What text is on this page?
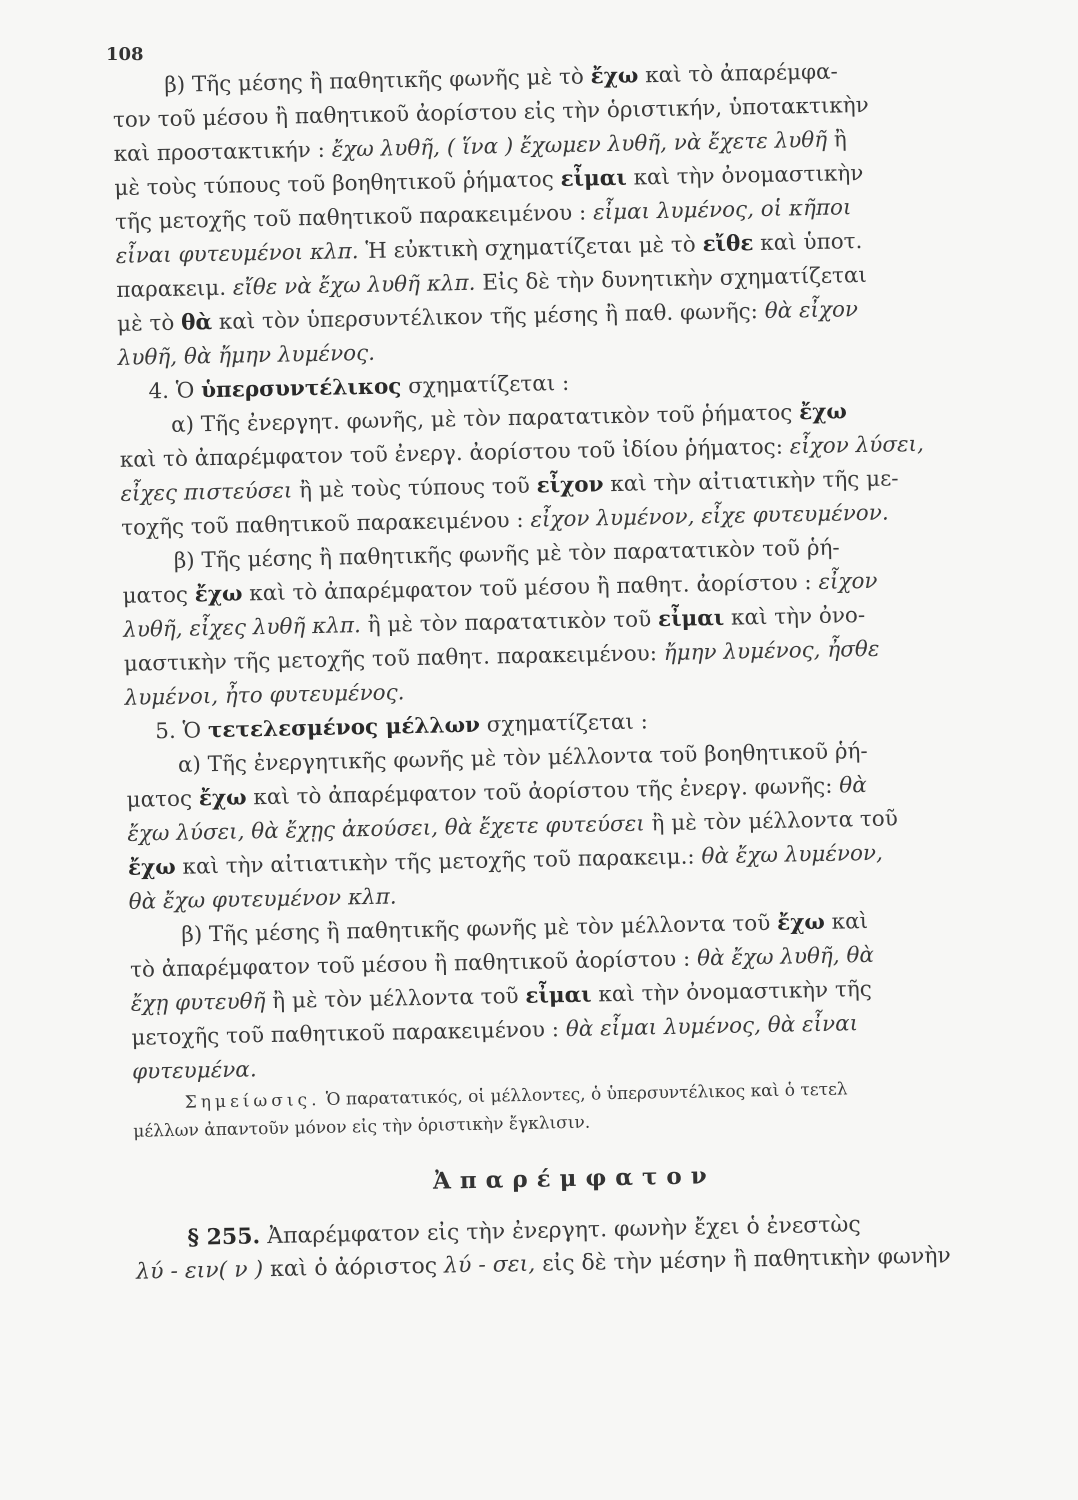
108
β) Τῆς μέσης ἢ παθητικῆς φωνῆς μὲ τὸ ἔχω καὶ τὸ ἀπαρέμφα-
τον τοῦ μέσου ἢ παθητικοῦ ἀορίστου εἰς τὴν ὁριστικήν, ὑποτακτικὴν
καὶ προστακτικήν : ἔχω λυθῆ, ( ἵνα ) ἔχωμεν λυθῆ, νὰ ἔχετε λυθῆ ἢ
μὲ τοὺς τύπους τοῦ βοηθητικοῦ ῥήματος εἶμαι καὶ τὴν ὀνομαστικὴν
τῆς μετοχῆς τοῦ παθητικοῦ παρακειμένου : εἶμαι λυμένος, οἱ κῆποι
εἶναι φυτευμένοι κλπ. Ἡ εὐκτικὴ σχηματίζεται μὲ τὸ εἴθε καὶ ὑποτ.
παρακειμ. εἴθε νὰ ἔχω λυθῆ κλπ. Εἰς δὲ τὴν δυνητικὴν σχηματίζεται
μὲ τὸ θὰ καὶ τὸν ὑπερσυντέλικον τῆς μέσης ἢ παθ. φωνῆς: θὰ εἶχον
λυθῆ, θὰ ἤμην λυμένος.
4. Ὁ ὑπερσυντέλικος σχηματίζεται :
α) Τῆς ἐνεργητ. φωνῆς, μὲ τὸν παρατατικὸν τοῦ ῥήματος ἔχω
καὶ τὸ ἀπαρέμφατον τοῦ ἐνεργ. ἀορίστου τοῦ ἰδίου ῥήματος: εἶχον λύσει,
εἶχες πιστεύσει ἢ μὲ τοὺς τύπους τοῦ εἶχον καὶ τὴν αἰτιατικὴν τῆς με-
τοχῆς τοῦ παθητικοῦ παρακειμένου : εἶχον λυμένον, εἶχε φυτευμένον.
β) Τῆς μέσης ἢ παθητικῆς φωνῆς μὲ τὸν παρατατικὸν τοῦ ῥή-
ματος ἔχω καὶ τὸ ἀπαρέμφατον τοῦ μέσου ἢ παθητ. ἀορίστου : εἶχον
λυθῆ, εἶχες λυθῆ κλπ. ἢ μὲ τὸν παρατατικὸν τοῦ εἶμαι καὶ τὴν ὀνο-
μαστικὴν τῆς μετοχῆς τοῦ παθητ. παρακειμένου: ἤμην λυμένος, ἦσθε
λυμένοι, ἦτο φυτευμένος.
5. Ὁ τετελεσμένος μέλλων σχηματίζεται :
α) Τῆς ἐνεργητικῆς φωνῆς μὲ τὸν μέλλοντα τοῦ βοηθητικοῦ ῥή-
ματος ἔχω καὶ τὸ ἀπαρέμφατον τοῦ ἀορίστου τῆς ἐνεργ. φωνῆς: θὰ
ἔχω λύσει, θὰ ἔχῃς ἀκούσει, θὰ ἔχετε φυτεύσει ἢ μὲ τὸν μέλλοντα τοῦ
ἔχω καὶ τὴν αἰτιατικὴν τῆς μετοχῆς τοῦ παρακειμ.: θὰ ἔχω λυμένον,
θὰ ἔχω φυτευμένον κλπ.
β) Τῆς μέσης ἢ παθητικῆς φωνῆς μὲ τὸν μέλλοντα τοῦ ἔχω καὶ
τὸ ἀπαρέμφατον τοῦ μέσου ἢ παθητικοῦ ἀορίστου : θὰ ἔχω λυθῆ, θὰ
ἔχῃ φυτευθῆ ἢ μὲ τὸν μέλλοντα τοῦ εἶμαι καὶ τὴν ὀνομαστικὴν τῆς
μετοχῆς τοῦ παθητικοῦ παρακειμένου : θὰ εἶμαι λυμένος, θὰ εἶναι
φυτευμένα.
Σημείωσις. Ὁ παρατατικός, οἱ μέλλοντες, ὁ ὑπερσυντέλικος καὶ ὁ τετελ
μέλλων ἀπαντοῦν μόνον εἰς τὴν ὁριστικὴν ἔγκλισιν.
Ἀπαρέμφατον
§ 255. Ἀπαρέμφατον εἰς τὴν ἐνεργητ. φωνὴν ἔχει ὁ ἐνεστὼς
λύ - ειν( ν ) καὶ ὁ ἀόριστος λύ - σει, εἰς δὲ τὴν μέσην ἢ παθητικὴν φωνὴν
